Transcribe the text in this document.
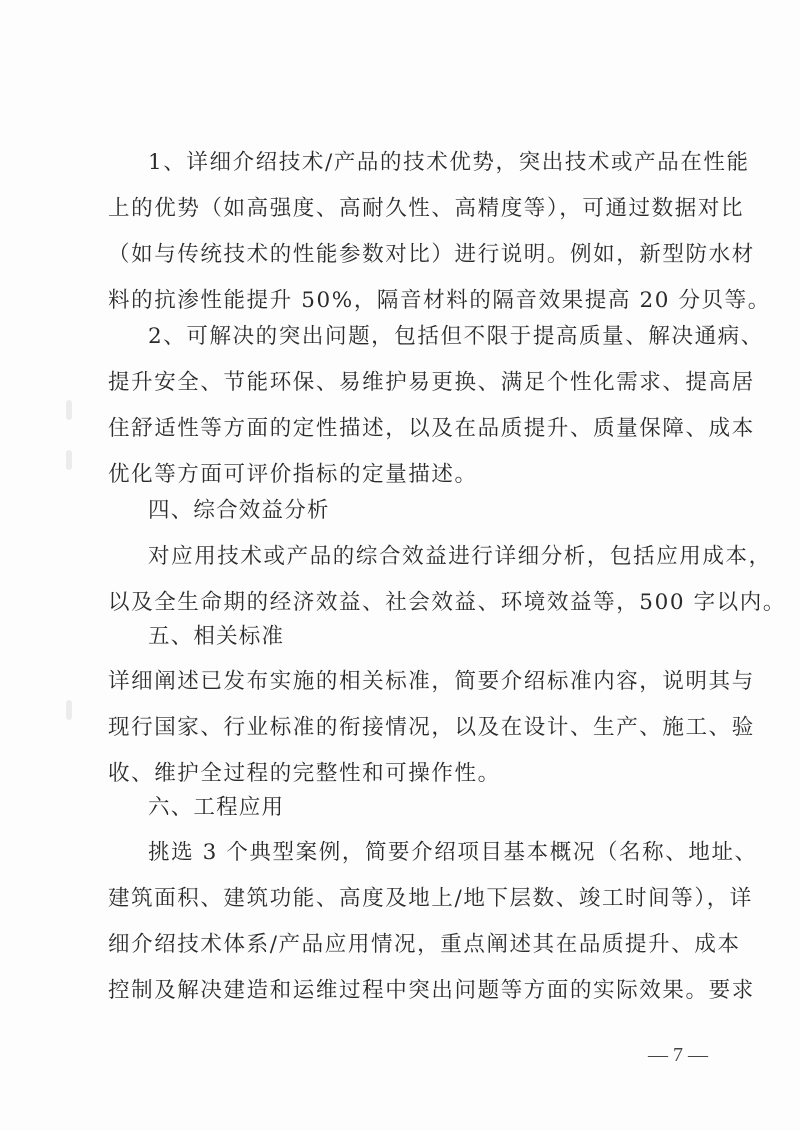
1、详细介绍技术/产品的技术优势，突出技术或产品在性能
上的优势（如高强度、高耐久性、高精度等），可通过数据对比
（如与传统技术的性能参数对比）进行说明。例如，新型防水材
料的抗渗性能提升 50%，隔音材料的隔音效果提高 20 分贝等。
2、可解决的突出问题，包括但不限于提高质量、解决通病、
提升安全、节能环保、易维护易更换、满足个性化需求、提高居
住舒适性等方面的定性描述，以及在品质提升、质量保障、成本
优化等方面可评价指标的定量描述。
四、综合效益分析
对应用技术或产品的综合效益进行详细分析，包括应用成本，
以及全生命期的经济效益、社会效益、环境效益等，500 字以内。
五、相关标准
详细阐述已发布实施的相关标准，简要介绍标准内容，说明其与
现行国家、行业标准的衔接情况，以及在设计、生产、施工、验
收、维护全过程的完整性和可操作性。
六、工程应用
挑选 3 个典型案例，简要介绍项目基本概况（名称、地址、
建筑面积、建筑功能、高度及地上/地下层数、竣工时间等），详
细介绍技术体系/产品应用情况，重点阐述其在品质提升、成本
控制及解决建造和运维过程中突出问题等方面的实际效果。要求
— 7 —
